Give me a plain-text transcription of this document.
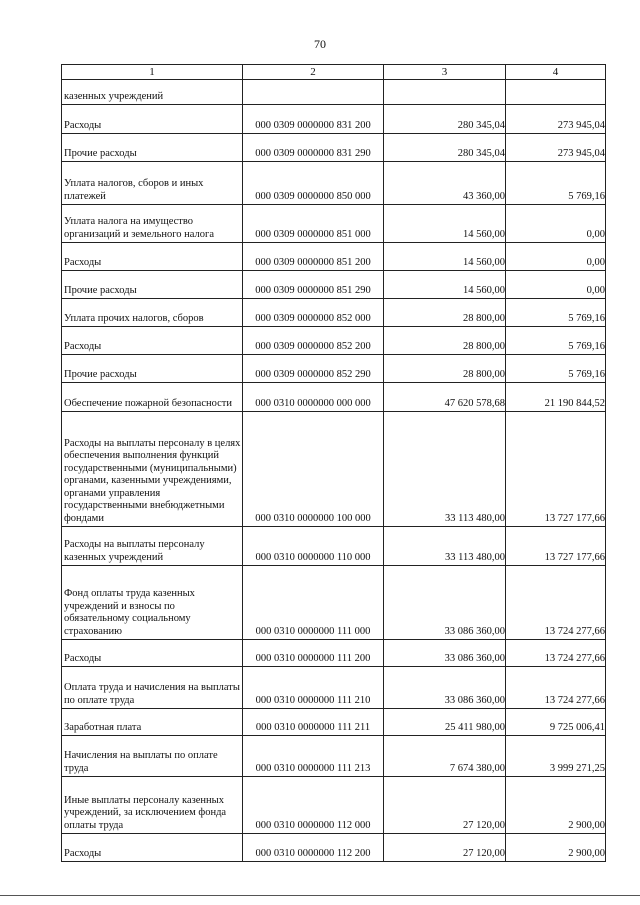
70
1	2	3	4
казенных учреждений			
Расходы	000 0309 0000000 831 200	280 345,04	273 945,04
Прочие расходы	000 0309 0000000 831 290	280 345,04	273 945,04
Уплата налогов, сборов и иных платежей	000 0309 0000000 850 000	43 360,00	5 769,16
Уплата налога на имущество организаций и земельного налога	000 0309 0000000 851 000	14 560,00	0,00
Расходы	000 0309 0000000 851 200	14 560,00	0,00
Прочие расходы	000 0309 0000000 851 290	14 560,00	0,00
Уплата прочих налогов, сборов	000 0309 0000000 852 000	28 800,00	5 769,16
Расходы	000 0309 0000000 852 200	28 800,00	5 769,16
Прочие расходы	000 0309 0000000 852 290	28 800,00	5 769,16
Обеспечение пожарной безопасности	000 0310 0000000 000 000	47 620 578,68	21 190 844,52
Расходы на выплаты персоналу в целях обеспечения выполнения функций государственными (муниципальными) органами, казенными учреждениями, органами управления государственными внебюджетными фондами	000 0310 0000000 100 000	33 113 480,00	13 727 177,66
Расходы на выплаты персоналу казенных учреждений	000 0310 0000000 110 000	33 113 480,00	13 727 177,66
Фонд оплаты труда казенных учреждений и взносы по обязательному социальному страхованию	000 0310 0000000 111 000	33 086 360,00	13 724 277,66
Расходы	000 0310 0000000 111 200	33 086 360,00	13 724 277,66
Оплата труда и начисления на выплаты по оплате труда	000 0310 0000000 111 210	33 086 360,00	13 724 277,66
Заработная плата	000 0310 0000000 111 211	25 411 980,00	9 725 006,41
Начисления на выплаты по оплате труда	000 0310 0000000 111 213	7 674 380,00	3 999 271,25
Иные выплаты персоналу казенных учреждений, за исключением фонда оплаты труда	000 0310 0000000 112 000	27 120,00	2 900,00
Расходы	000 0310 0000000 112 200	27 120,00	2 900,00
